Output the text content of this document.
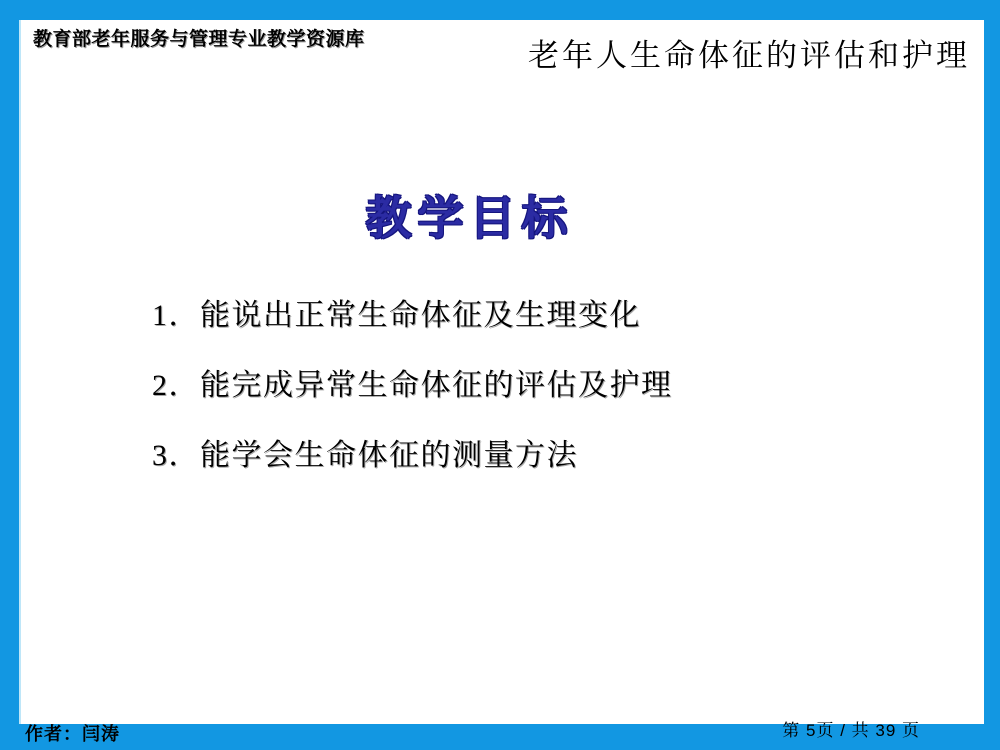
教育部老年服务与管理专业教学资源库	老年人生命体征的评估和护理
教学目标
1．能说出正常生命体征及生理变化
2．能完成异常生命体征的评估及护理
3．能学会生命体征的测量方法
作者：闫涛	第 5页 / 共 39 页
